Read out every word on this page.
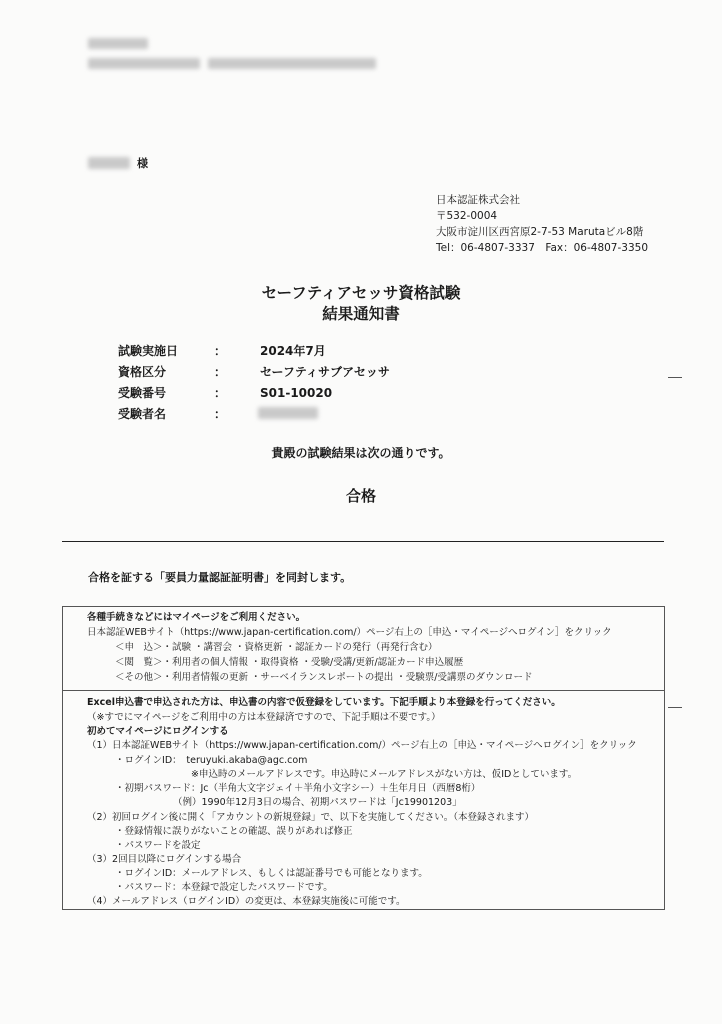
様
日本認証株式会社
〒532-0004
大阪市淀川区西宮原2-7-53 Marutaビル8階
Tel：06-4807-3337　Fax：06-4807-3350
セーフティアセッサ資格試験
結果通知書
試験実施日	：	2024年7月
資格区分	：	セーフティサブアセッサ
受験番号	：	S01-10020
受験者名	：
貴殿の試験結果は次の通りです。
合格
合格を証する「要員力量認証証明書」を同封します。
各種手続きなどにはマイページをご利用ください。
日本認証WEBサイト（https://www.japan-certification.com/）ページ右上の［申込・マイページへログイン］をクリック
＜申　込＞・試験 ・講習会 ・資格更新 ・認証カードの発行（再発行含む）
＜閲　覧＞・利用者の個人情報 ・取得資格 ・受験/受講/更新/認証カード申込履歴
＜その他＞・利用者情報の更新 ・サーベイランスレポートの提出 ・受験票/受講票のダウンロード
Excel申込書で申込された方は、申込書の内容で仮登録をしています。下記手順より本登録を行ってください。
（※すでにマイページをご利用中の方は本登録済ですので、下記手順は不要です。）
初めてマイページにログインする
（1）日本認証WEBサイト（https://www.japan-certification.com/）ページ右上の［申込・マイページへログイン］をクリック
・ログインID：　teruyuki.akaba@agc.com
※申込時のメールアドレスです。申込時にメールアドレスがない方は、仮IDとしています。
・初期パスワード：Jc（半角大文字ジェイ＋半角小文字シー）＋生年月日（西暦8桁）
（例）1990年12月3日の場合、初期パスワードは「Jc19901203」
（2）初回ログイン後に開く「アカウントの新規登録」で、以下を実施してください。（本登録されます）
・登録情報に誤りがないことの確認、誤りがあれば修正
・パスワードを設定
（3）2回目以降にログインする場合
・ログインID：メールアドレス、もしくは認証番号でも可能となります。
・パスワード：本登録で設定したパスワードです。
（4）メールアドレス（ログインID）の変更は、本登録実施後に可能です。
